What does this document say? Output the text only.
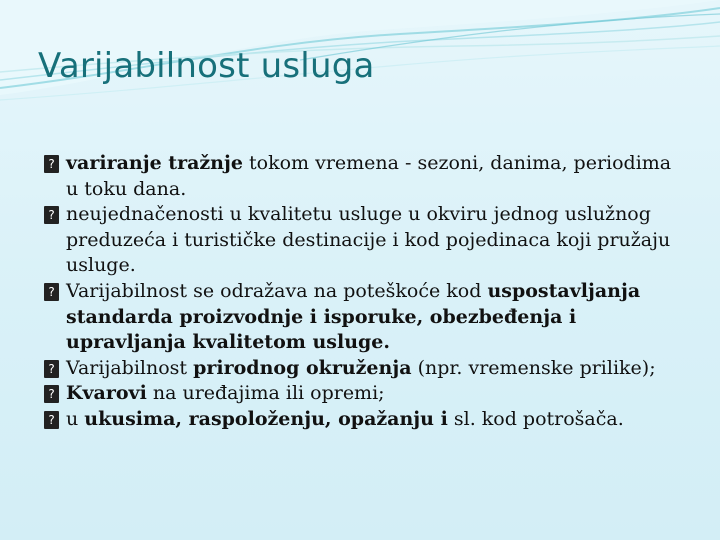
Varijabilnost usluga
? variranje tražnje tokom vremena - sezoni, danima, periodima u toku dana.
? neujednačenosti u kvalitetu usluge u okviru jednog uslužnog preduzeća i turističke destinacije i kod pojedinaca koji pružaju usluge.
? Varijabilnost se odražava na poteškoće kod uspostavljanja standarda proizvodnje i isporuke, obezbeđenja i upravljanja kvalitetom usluge.
? Varijabilnost prirodnog okruženja (npr. vremenske prilike);
? Kvarovi na uređajima ili opremi;
? u ukusima, raspoloženju, opažanju i sl. kod potrošača.
